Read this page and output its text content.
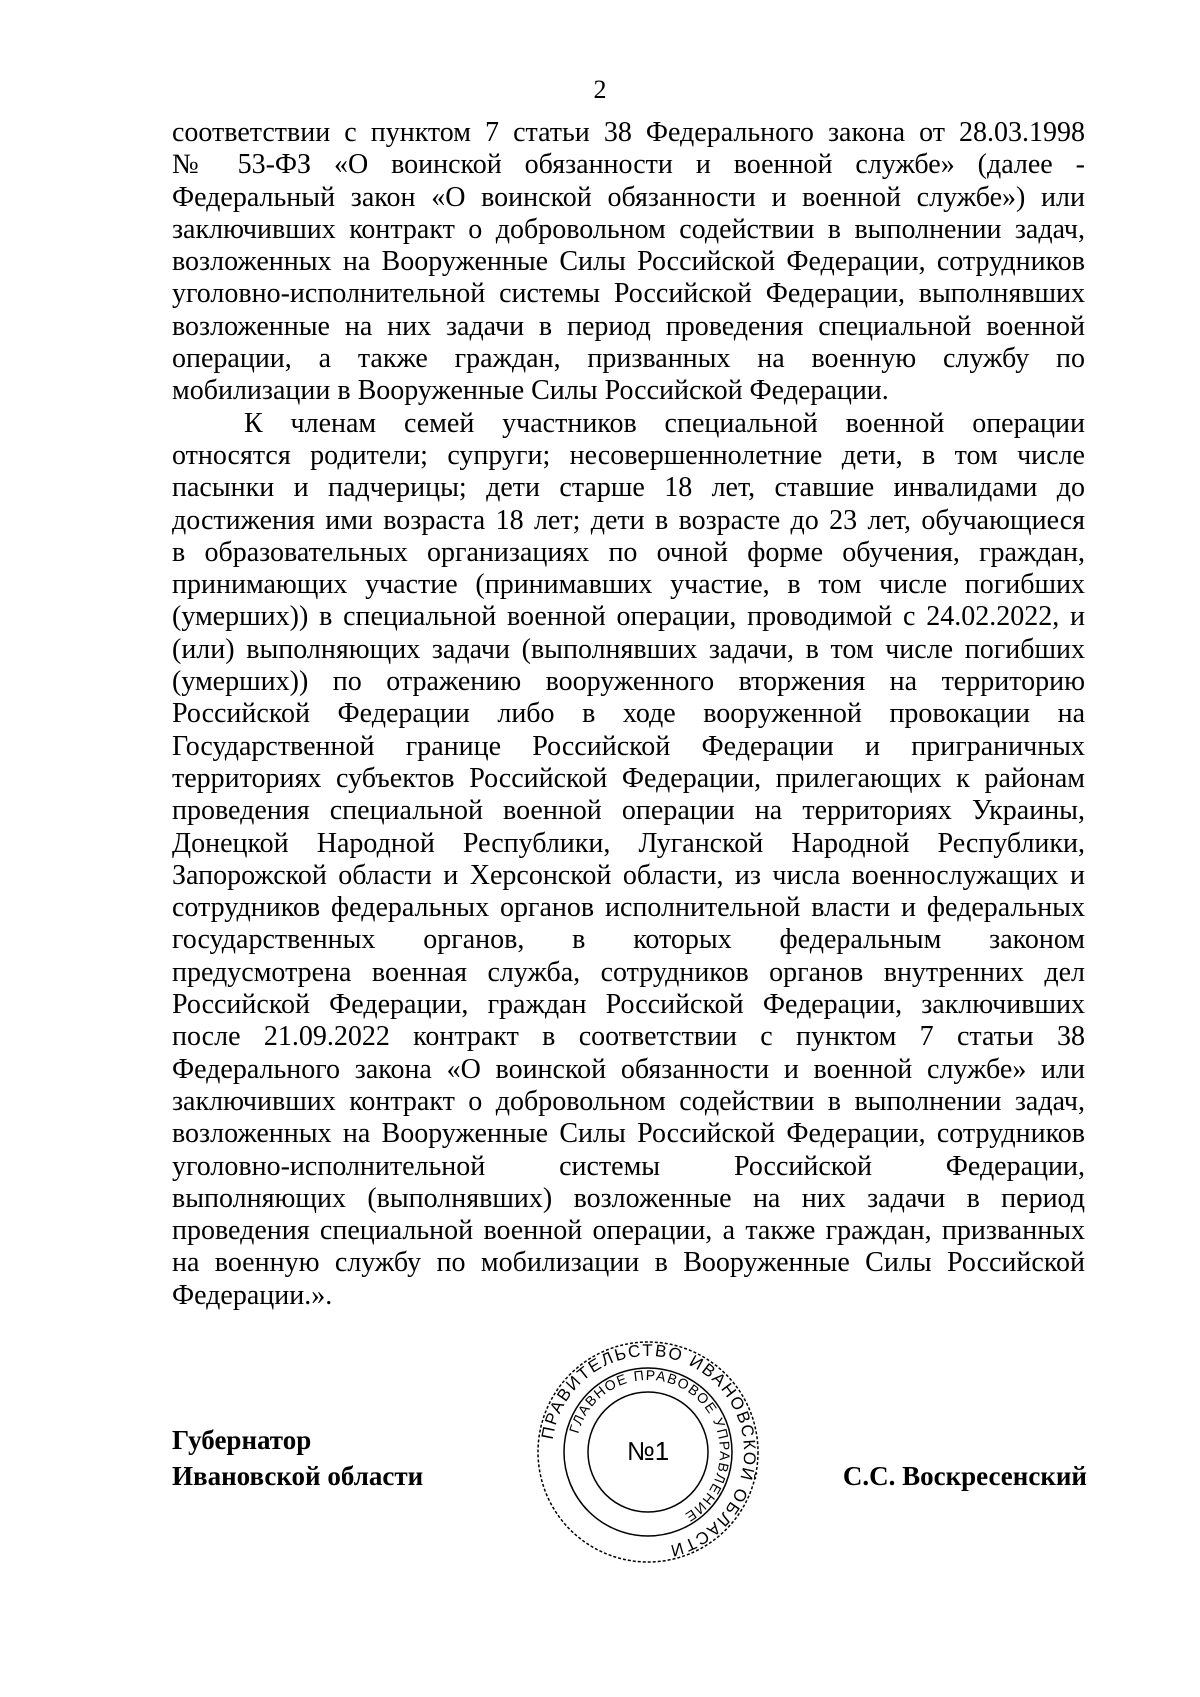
2
соответствии с пунктом 7 статьи 38 Федерального закона от 28.03.1998
№ 53-ФЗ «О воинской обязанности и военной службе» (далее -
Федеральный закон «О воинской обязанности и военной службе») или
заключивших контракт о добровольном содействии в выполнении задач,
возложенных на Вооруженные Силы Российской Федерации, сотрудников
уголовно-исполнительной системы Российской Федерации, выполнявших
возложенные на них задачи в период проведения специальной военной
операции, а также граждан, призванных на военную службу по
мобилизации в Вооруженные Силы Российской Федерации.
К членам семей участников специальной военной операции
относятся родители; супруги; несовершеннолетние дети, в том числе
пасынки и падчерицы; дети старше 18 лет, ставшие инвалидами до
достижения ими возраста 18 лет; дети в возрасте до 23 лет, обучающиеся
в образовательных организациях по очной форме обучения, граждан,
принимающих участие (принимавших участие, в том числе погибших
(умерших)) в специальной военной операции, проводимой с 24.02.2022, и
(или) выполняющих задачи (выполнявших задачи, в том числе погибших
(умерших)) по отражению вооруженного вторжения на территорию
Российской Федерации либо в ходе вооруженной провокации на
Государственной границе Российской Федерации и приграничных
территориях субъектов Российской Федерации, прилегающих к районам
проведения специальной военной операции на территориях Украины,
Донецкой Народной Республики, Луганской Народной Республики,
Запорожской области и Херсонской области, из числа военнослужащих и
сотрудников федеральных органов исполнительной власти и федеральных
государственных органов, в которых федеральным законом
предусмотрена военная служба, сотрудников органов внутренних дел
Российской Федерации, граждан Российской Федерации, заключивших
после 21.09.2022 контракт в соответствии с пунктом 7 статьи 38
Федерального закона «О воинской обязанности и военной службе» или
заключивших контракт о добровольном содействии в выполнении задач,
возложенных на Вооруженные Силы Российской Федерации, сотрудников
уголовно-исполнительной системы Российской Федерации,
выполняющих (выполнявших) возложенные на них задачи в период
проведения специальной военной операции, а также граждан, призванных
на военную службу по мобилизации в Вооруженные Силы Российской
Федерации.».
Губернатор
Ивановской области
ПРАВИТЕЛЬСТВО ИВАНОВСКОЙ ОБЛАСТИ
ГЛАВНОЕ ПРАВОВОЕ УПРАВЛЕНИЕ
№1
С.С. Воскресенский
